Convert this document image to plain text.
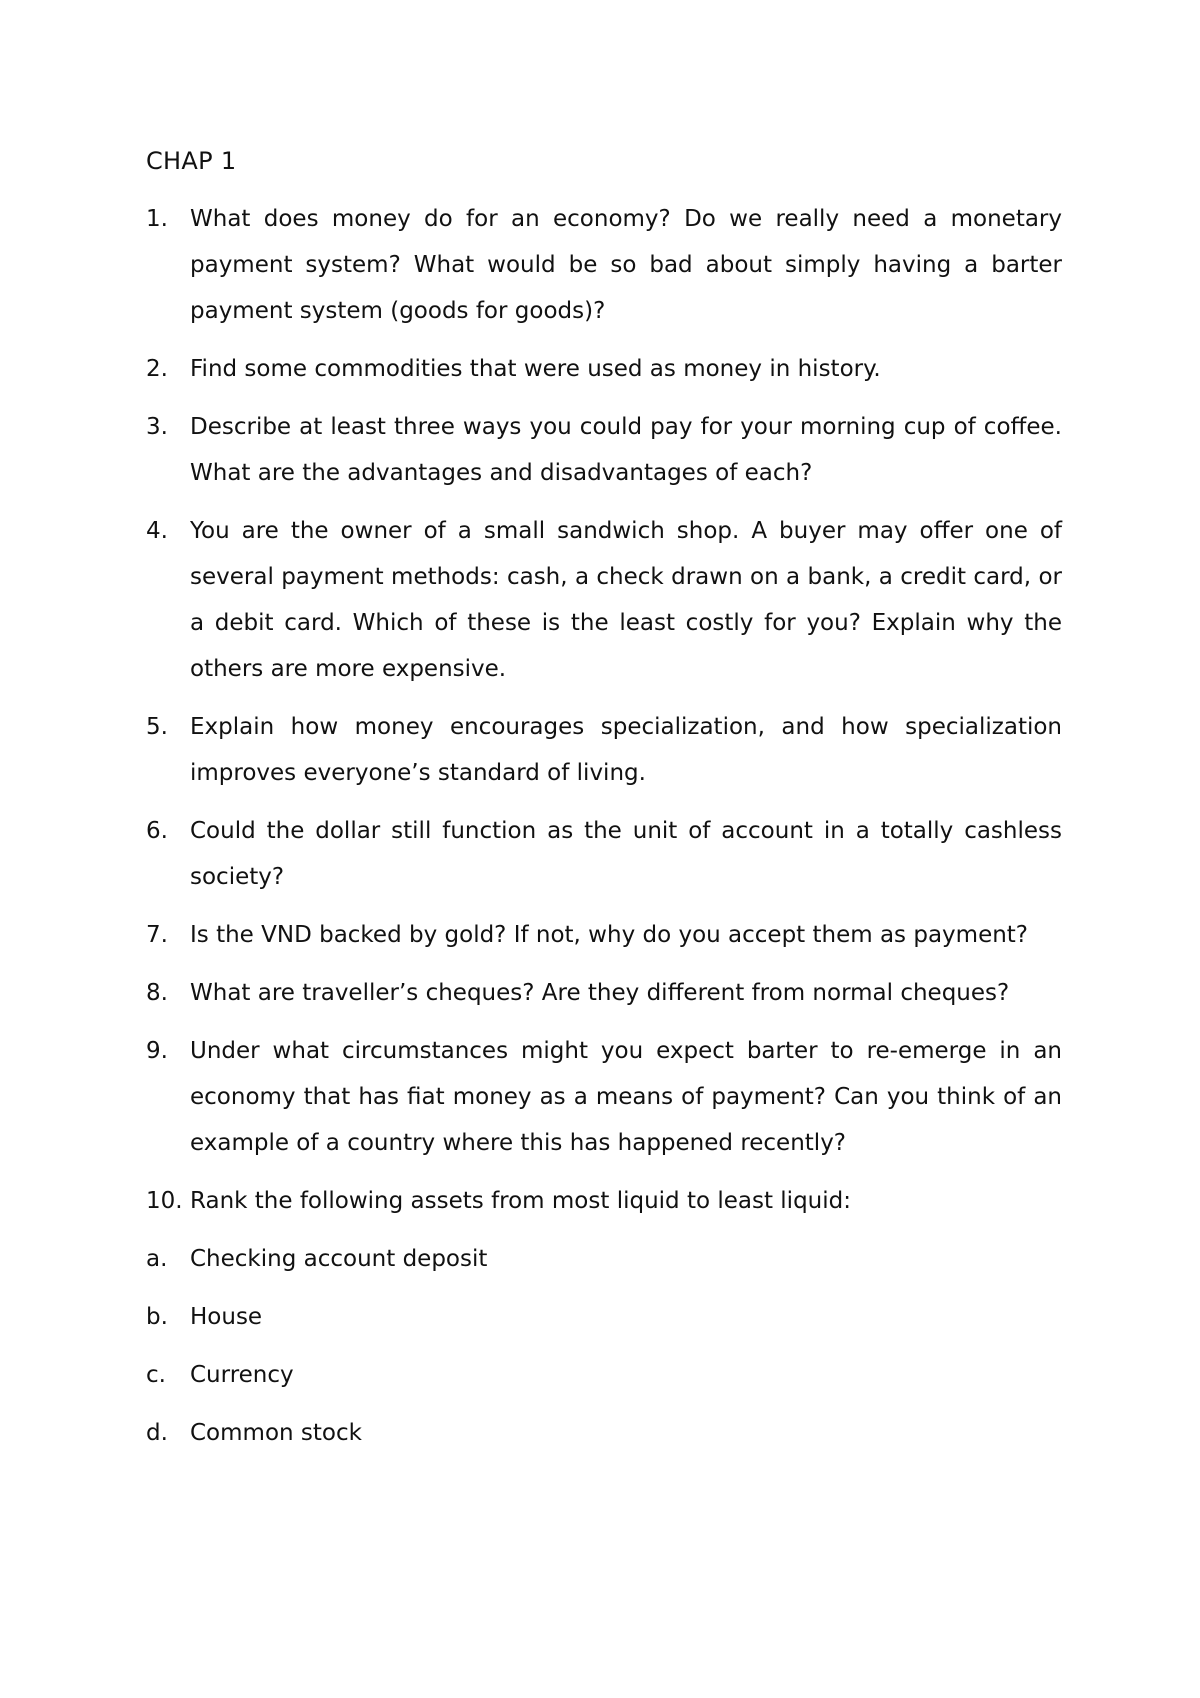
CHAP 1
1. What does money do for an economy? Do we really need a monetary payment system? What would be so bad about simply having a barter payment system (goods for goods)?
2. Find some commodities that were used as money in history.
3. Describe at least three ways you could pay for your morning cup of coffee. What are the advantages and disadvantages of each?
4. You are the owner of a small sandwich shop. A buyer may offer one of several payment methods: cash, a check drawn on a bank, a credit card, or a debit card. Which of these is the least costly for you? Explain why the others are more expensive.
5. Explain how money encourages specialization, and how specialization improves everyone’s standard of living.
6. Could the dollar still function as the unit of account in a totally cashless society?
7. Is the VND backed by gold? If not, why do you accept them as payment?
8. What are traveller’s cheques? Are they different from normal cheques?
9. Under what circumstances might you expect barter to re-emerge in an economy that has fiat money as a means of payment? Can you think of an example of a country where this has happened recently?
10. Rank the following assets from most liquid to least liquid:
a. Checking account deposit
b. House
c.	Currency
d. Common stock
